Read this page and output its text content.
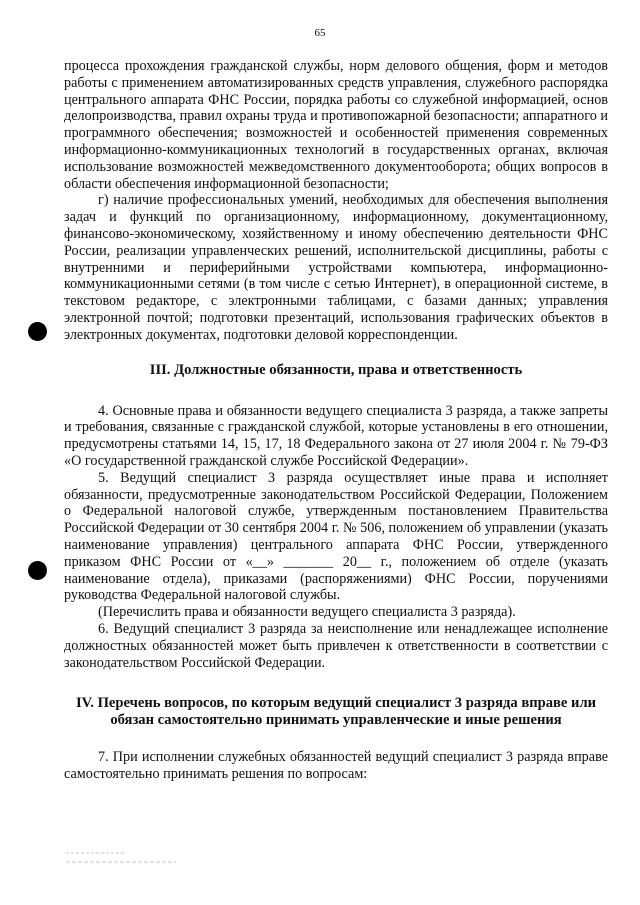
65

процесса прохождения гражданской службы, норм делового общения, форм и методов работы с применением автоматизированных средств управления, служебного распорядка центрального аппарата ФНС России, порядка работы со служебной информацией, основ делопроизводства, правил охраны труда и противопожарной безопасности; аппаратного и программного обеспечения; возможностей и особенностей применения современных информационно-коммуникационных технологий в государственных органах, включая использование возможностей межведомственного документооборота; общих вопросов в области обеспечения информационной безопасности;

г) наличие профессиональных умений, необходимых для обеспечения выполнения задач и функций по организационному, информационному, документационному, финансово-экономическому, хозяйственному и иному обеспечению деятельности ФНС России, реализации управленческих решений, исполнительской дисциплины, работы с внутренними и периферийными устройствами компьютера, информационно-коммуникационными сетями (в том числе с сетью Интернет), в операционной системе, в текстовом редакторе, с электронными таблицами, с базами данных; управления электронной почтой; подготовки презентаций, использования графических объектов в электронных документах, подготовки деловой корреспонденции.

III. Должностные обязанности, права и ответственность

4. Основные права и обязанности ведущего специалиста 3 разряда, а также запреты и требования, связанные с гражданской службой, которые установлены в его отношении, предусмотрены статьями 14, 15, 17, 18 Федерального закона от 27 июля 2004 г. № 79-ФЗ «О государственной гражданской службе Российской Федерации».

5. Ведущий специалист 3 разряда осуществляет иные права и исполняет обязанности, предусмотренные законодательством Российской Федерации, Положением о Федеральной налоговой службе, утвержденным постановлением Правительства Российской Федерации от 30 сентября 2004 г. № 506, положением об управлении (указать наименование управления) центрального аппарата ФНС России, утвержденного приказом ФНС России от «__» _______ 20__ г., положением об отделе (указать наименование отдела), приказами (распоряжениями) ФНС России, поручениями руководства Федеральной налоговой службы.

(Перечислить права и обязанности ведущего специалиста 3 разряда).

6. Ведущий специалист 3 разряда за неисполнение или ненадлежащее исполнение должностных обязанностей может быть привлечен к ответственности в соответствии с законодательством Российской Федерации.

IV. Перечень вопросов, по которым ведущий специалист 3 разряда вправе или обязан самостоятельно принимать управленческие и иные решения

7. При исполнении служебных обязанностей ведущий специалист 3 разряда вправе самостоятельно принимать решения по вопросам:
